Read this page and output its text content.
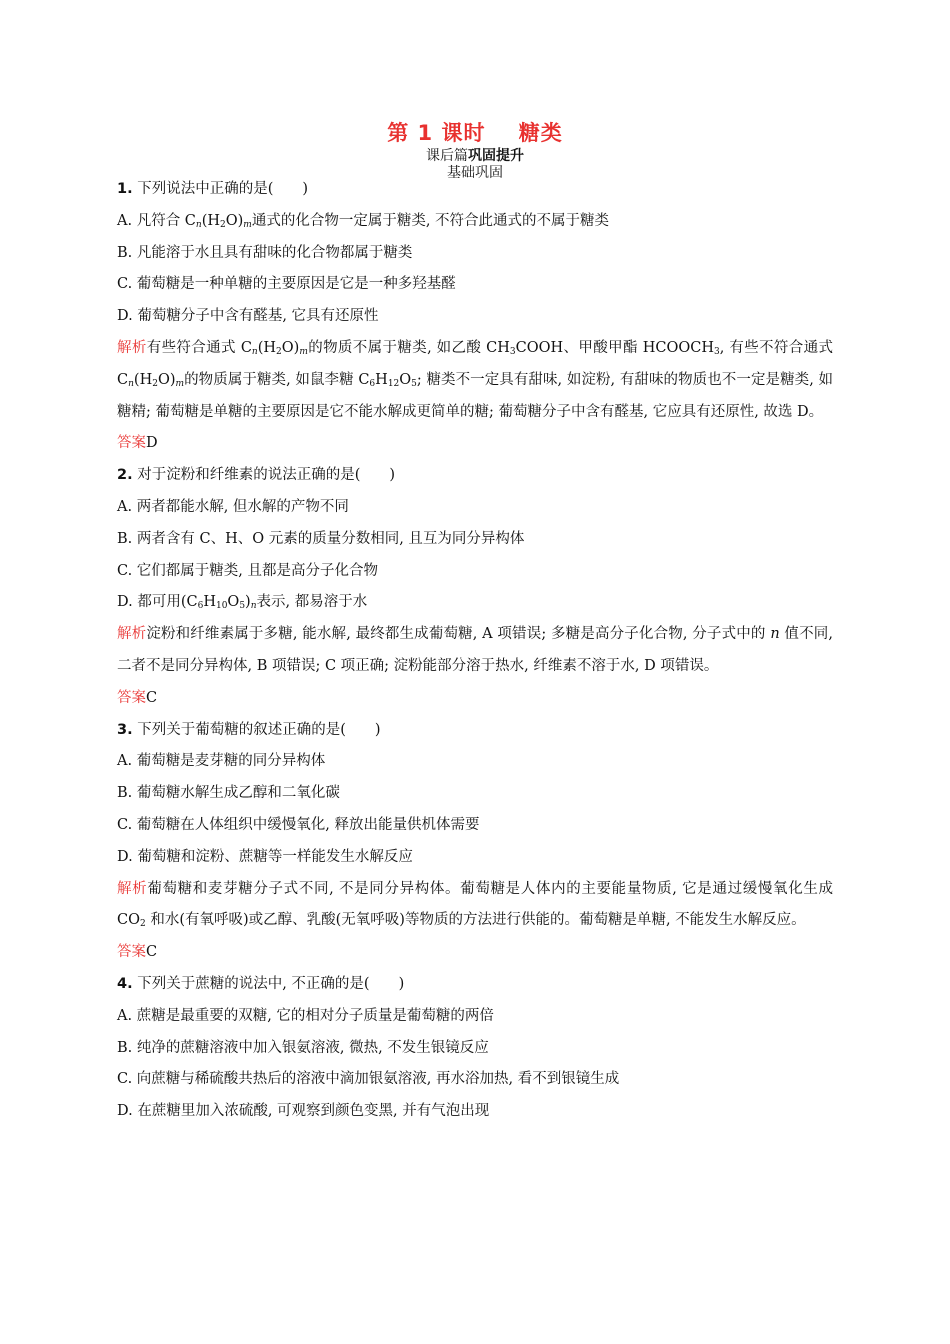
第 1 课时    糖类
课后篇巩固提升
基础巩固
1. 下列说法中正确的是(　　)
A. 凡符合 $C_n(H_2O)_m$通式的化合物一定属于糖类, 不符合此通式的不属于糖类
B. 凡能溶于水且具有甜味的化合物都属于糖类
C. 葡萄糖是一种单糖的主要原因是它是一种多羟基醛
D. 葡萄糖分子中含有醛基, 它具有还原性
解析有些符合通式 $C_n(H_2O)_m$的物质不属于糖类, 如乙酸 $CH_3COOH$、甲酸甲酯 $HCOOCH_3$, 有些不符合通式 $C_n(H_2O)_m$的物质属于糖类, 如鼠李糖 $C_6H_{12}O_5$; 糖类不一定具有甜味, 如淀粉, 有甜味的物质也不一定是糖类, 如糖精; 葡萄糖是单糖的主要原因是它不能水解成更简单的糖; 葡萄糖分子中含有醛基, 它应具有还原性, 故选 D。
答案D
2. 对于淀粉和纤维素的说法正确的是(　　)
A. 两者都能水解, 但水解的产物不同
B. 两者含有 C、H、O 元素的质量分数相同, 且互为同分异构体
C. 它们都属于糖类, 且都是高分子化合物
D. 都可用$(C_6H_{10}O_5)_n$表示, 都易溶于水
解析淀粉和纤维素属于多糖, 能水解, 最终都生成葡萄糖, A 项错误; 多糖是高分子化合物, 分子式中的 n 值不同, 二者不是同分异构体, B 项错误; C 项正确; 淀粉能部分溶于热水, 纤维素不溶于水, D 项错误。
答案C
3. 下列关于葡萄糖的叙述正确的是(　　)
A. 葡萄糖是麦芽糖的同分异构体
B. 葡萄糖水解生成乙醇和二氧化碳
C. 葡萄糖在人体组织中缓慢氧化, 释放出能量供机体需要
D. 葡萄糖和淀粉、蔗糖等一样能发生水解反应
解析葡萄糖和麦芽糖分子式不同, 不是同分异构体。葡萄糖是人体内的主要能量物质, 它是通过缓慢氧化生成 $CO_2$ 和水(有氧呼吸)或乙醇、乳酸(无氧呼吸)等物质的方法进行供能的。葡萄糖是单糖, 不能发生水解反应。
答案C
4. 下列关于蔗糖的说法中, 不正确的是(　　)
A. 蔗糖是最重要的双糖, 它的相对分子质量是葡萄糖的两倍
B. 纯净的蔗糖溶液中加入银氨溶液, 微热, 不发生银镜反应
C. 向蔗糖与稀硫酸共热后的溶液中滴加银氨溶液, 再水浴加热, 看不到银镜生成
D. 在蔗糖里加入浓硫酸, 可观察到颜色变黑, 并有气泡出现
